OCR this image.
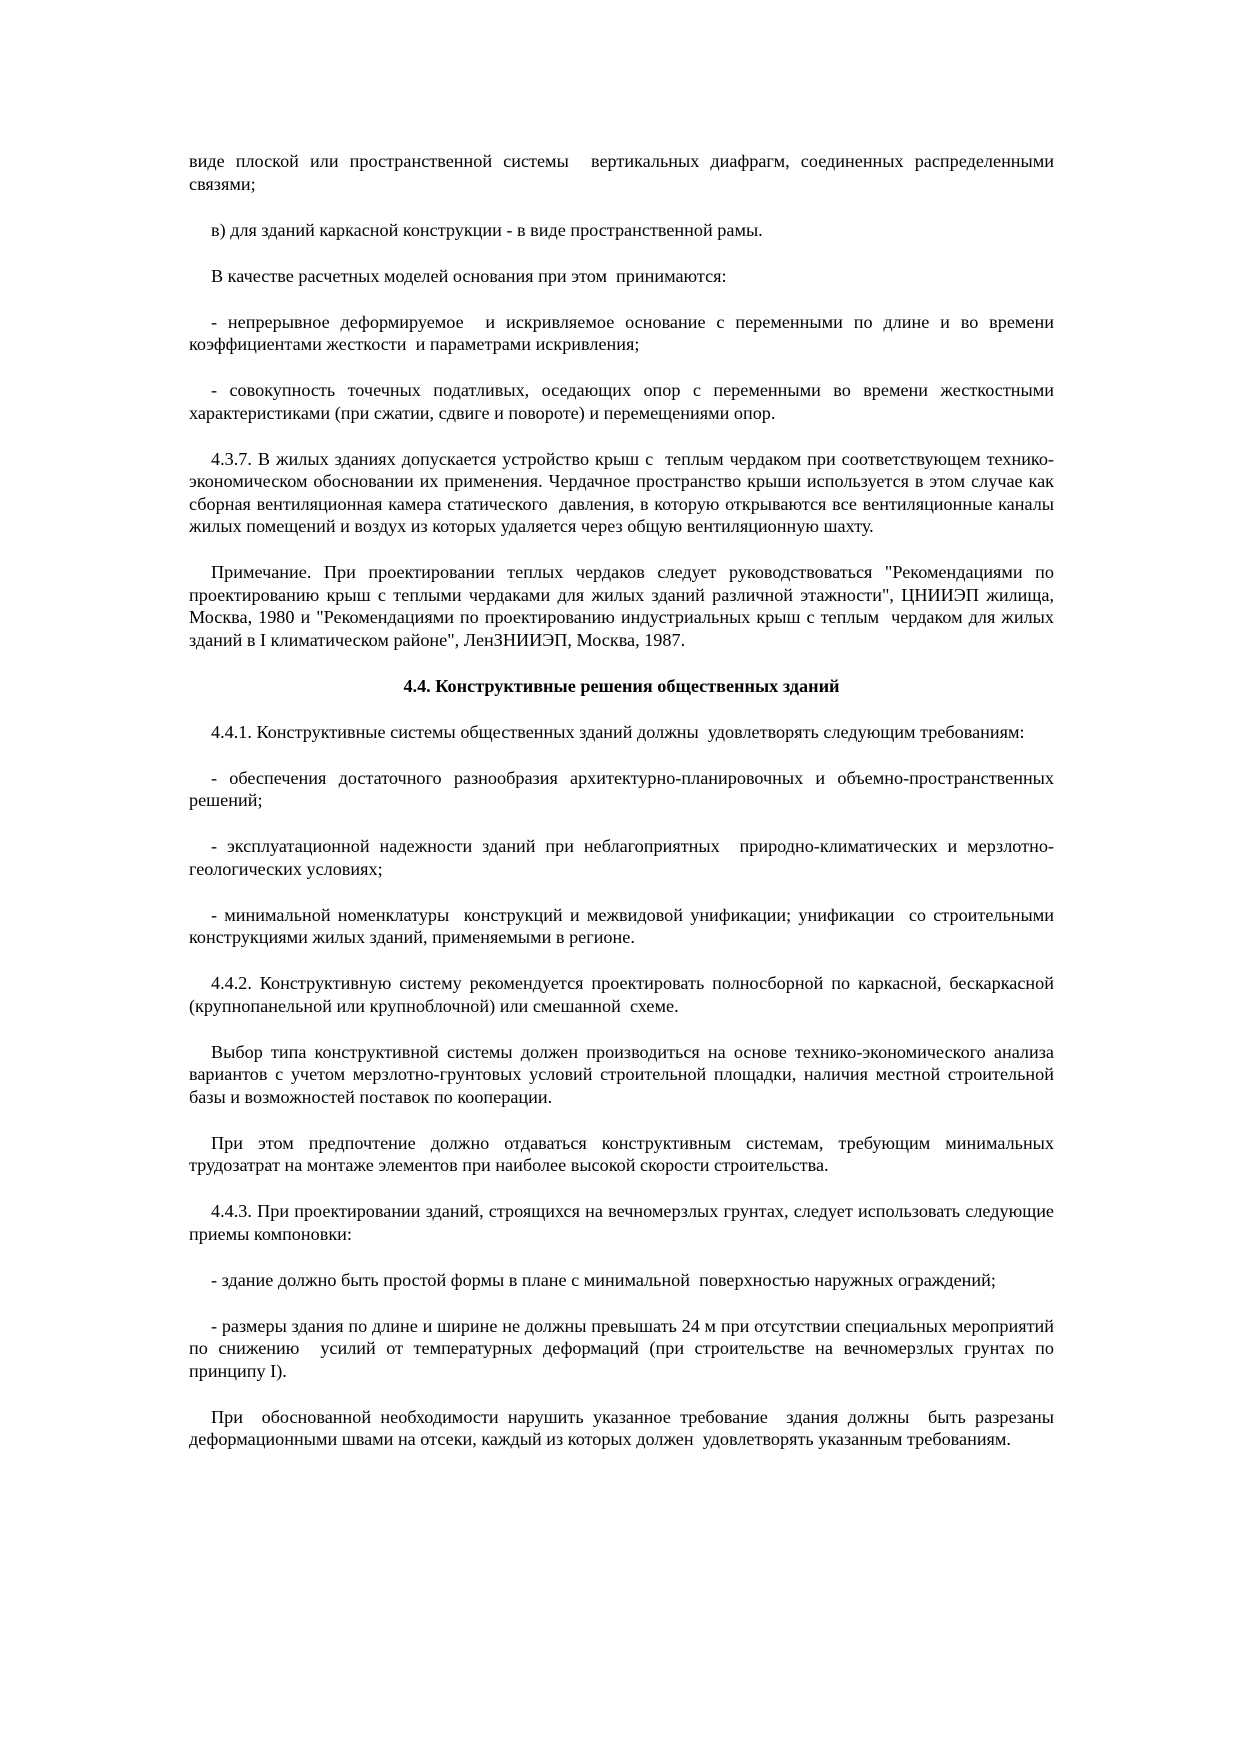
виде плоской или пространственной системы  вертикальных диафрагм, соединенных распределенными связями;

в) для зданий каркасной конструкции - в виде пространственной рамы.

В качестве расчетных моделей основания при этом  принимаются:

- непрерывное деформируемое  и искривляемое основание с переменными по длине и во времени коэффициентами жесткости  и параметрами искривления;

- совокупность точечных податливых, оседающих опор с переменными во времени жесткостными  характеристиками (при сжатии, сдвиге и повороте) и перемещениями опор.

4.3.7. В жилых зданиях допускается устройство крыш с  теплым чердаком при соответствующем технико-экономическом обосновании их применения. Чердачное пространство крыши используется в этом случае как сборная вентиляционная камера статического  давления, в которую открываются все вентиляционные каналы жилых помещений и воздух из которых удаляется через общую вентиляционную шахту.

Примечание. При проектировании теплых чердаков следует руководствоваться "Рекомендациями по проектированию крыш с теплыми чердаками для жилых зданий различной этажности", ЦНИИЭП жилища, Москва, 1980 и "Рекомендациями по проектированию индустриальных крыш с теплым  чердаком для жилых зданий в I климатическом районе", ЛенЗНИИЭП, Москва, 1987.

4.4. Конструктивные решения общественных зданий

4.4.1. Конструктивные системы общественных зданий должны  удовлетворять следующим требованиям:

- обеспечения достаточного разнообразия архитектурно-планировочных и объемно-пространственных решений;

- эксплуатационной надежности зданий при неблагоприятных  природно-климатических и мерзлотно-геологических условиях;

- минимальной номенклатуры  конструкций и межвидовой унификации; унификации  со строительными конструкциями жилых зданий, применяемыми в регионе.

4.4.2. Конструктивную систему рекомендуется проектировать полносборной по каркасной, бескаркасной (крупнопанельной или крупноблочной) или смешанной  схеме.

Выбор типа конструктивной системы должен производиться на основе технико-экономического анализа вариантов с учетом мерзлотно-грунтовых условий строительной площадки, наличия местной строительной  базы и возможностей поставок по кооперации.

При этом предпочтение должно отдаваться конструктивным системам, требующим минимальных трудозатрат на монтаже элементов при наиболее высокой скорости строительства.

4.4.3. При проектировании зданий, строящихся на вечномерзлых грунтах, следует использовать следующие  приемы компоновки:

- здание должно быть простой формы в плане с минимальной  поверхностью наружных ограждений;

- размеры здания по длине и ширине не должны превышать 24 м при отсутствии специальных мероприятий по снижению  усилий от температурных деформаций (при строительстве на вечномерзлых грунтах по принципу I).

При  обоснованной необходимости нарушить указанное требование  здания должны  быть разрезаны деформационными швами на отсеки, каждый из которых должен  удовлетворять указанным требованиям.
